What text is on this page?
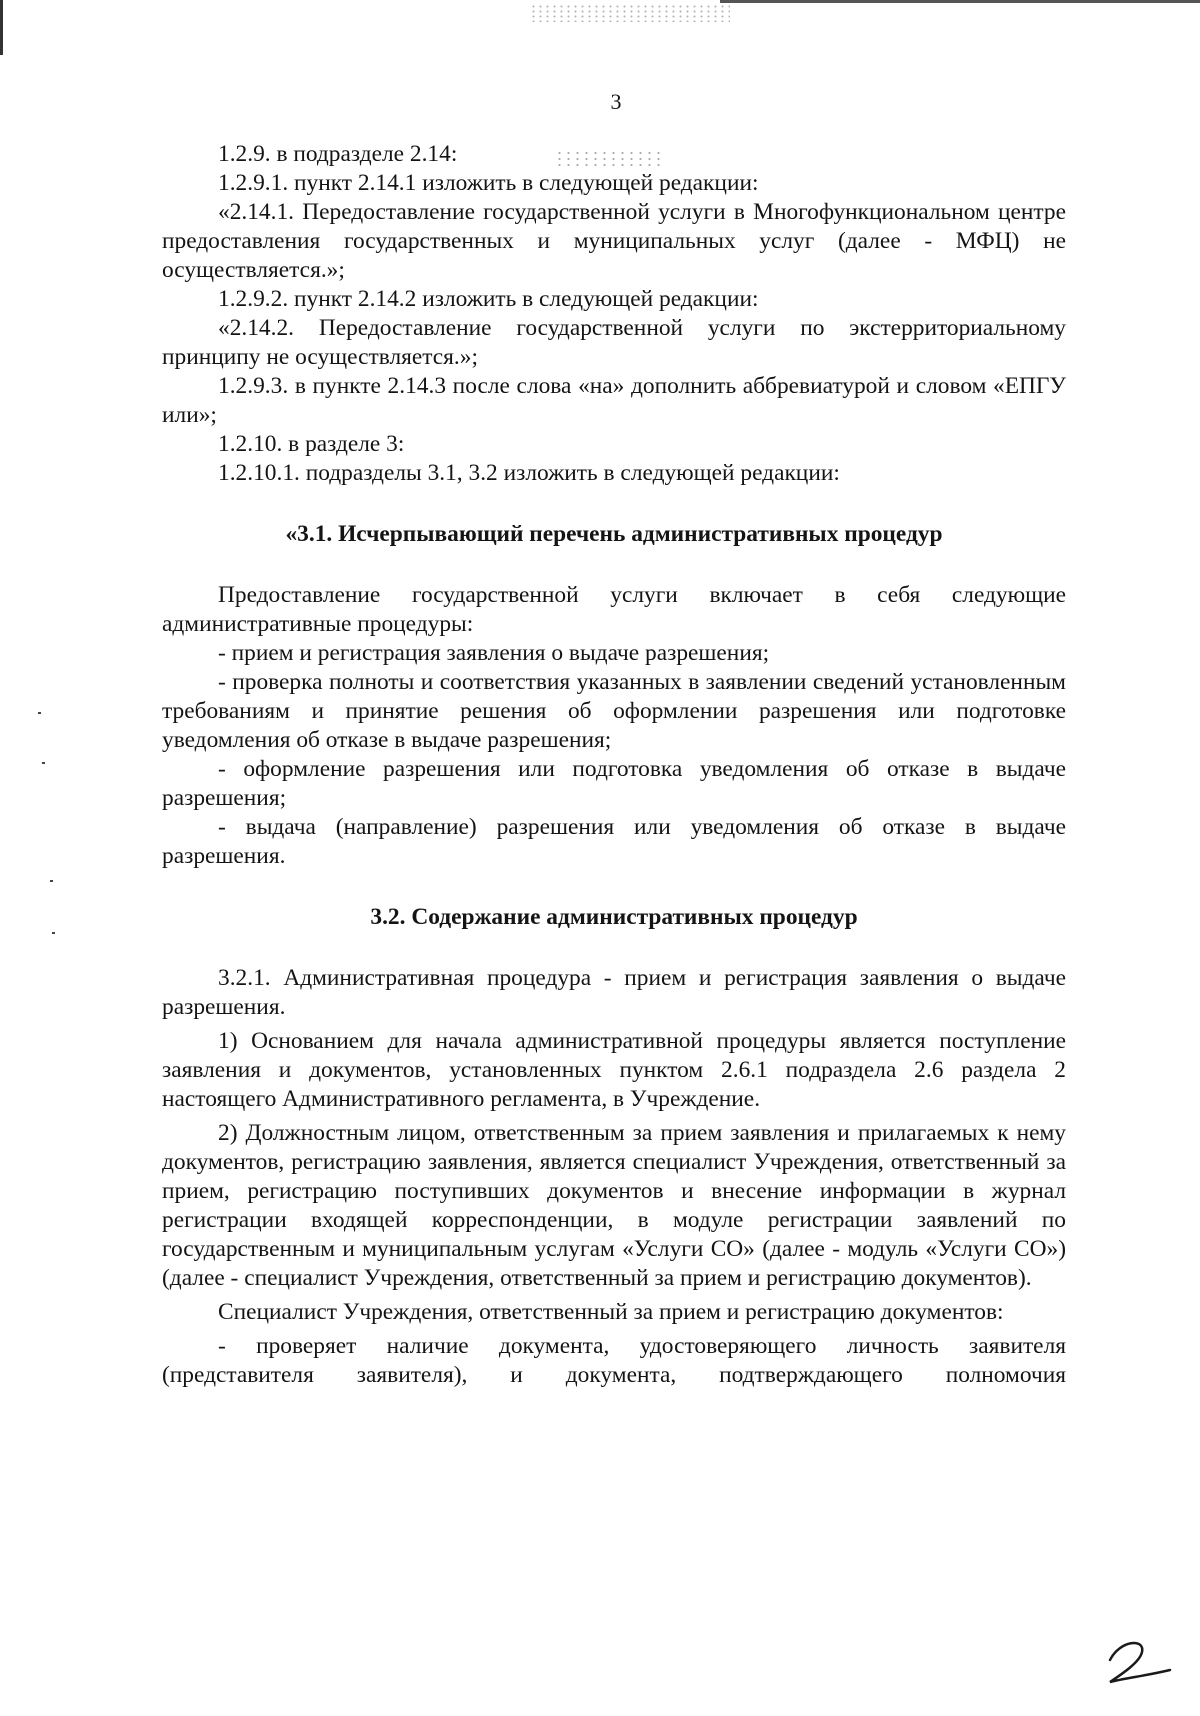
3

1.2.9. в подразделе 2.14:

1.2.9.1. пункт 2.14.1 изложить в следующей редакции:

«2.14.1. Передоставление государственной услуги в Многофункциональном центре предоставления государственных и муниципальных услуг (далее - МФЦ) не осуществляется.»;

1.2.9.2. пункт 2.14.2 изложить в следующей редакции:

«2.14.2. Передоставление государственной услуги по экстерриториальному принципу не осуществляется.»;

1.2.9.3. в пункте 2.14.3 после слова «на» дополнить аббревиатурой и словом «ЕПГУ или»;

1.2.10. в разделе 3:

1.2.10.1. подразделы 3.1, 3.2 изложить в следующей редакции:

«3.1. Исчерпывающий перечень административных процедур

Предоставление государственной услуги включает в себя следующие административные процедуры:

- прием и регистрация заявления о выдаче разрешения;

- проверка полноты и соответствия указанных в заявлении сведений установленным требованиям и принятие решения об оформлении разрешения или подготовке уведомления об отказе в выдаче разрешения;

- оформление разрешения или подготовка уведомления об отказе в выдаче разрешения;

- выдача (направление) разрешения или уведомления об отказе в выдаче разрешения.

3.2. Содержание административных процедур

3.2.1. Административная процедура - прием и регистрация заявления о выдаче разрешения.

1) Основанием для начала административной процедуры является поступление заявления и документов, установленных пунктом 2.6.1 подраздела 2.6 раздела 2 настоящего Административного регламента, в Учреждение.

2) Должностным лицом, ответственным за прием заявления и прилагаемых к нему документов, регистрацию заявления, является специалист Учреждения, ответственный за прием, регистрацию поступивших документов и внесение информации в журнал регистрации входящей корреспонденции, в модуле регистрации заявлений по государственным и муниципальным услугам «Услуги СО» (далее - модуль «Услуги СО») (далее - специалист Учреждения, ответственный за прием и регистрацию документов).

Специалист Учреждения, ответственный за прием и регистрацию документов:

- проверяет наличие документа, удостоверяющего личность заявителя (представителя заявителя), и документа, подтверждающего полномочия
